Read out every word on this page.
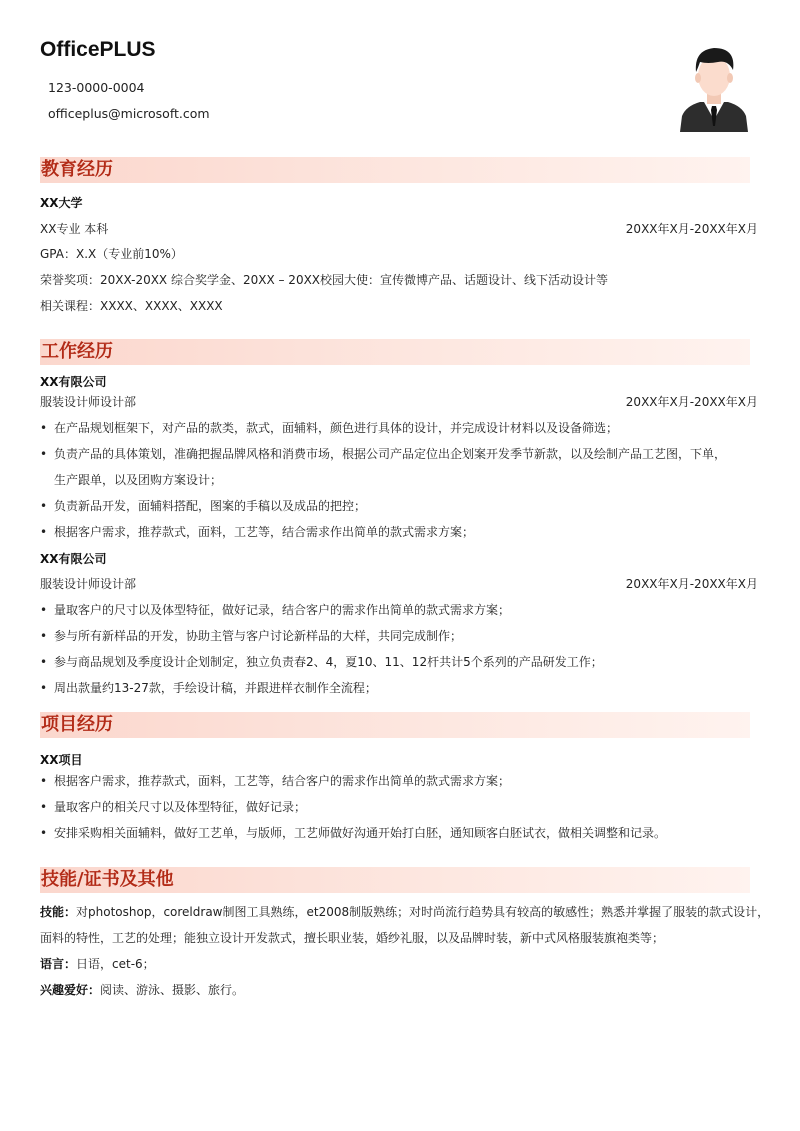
OfficePLUS
123-0000-0004
officeplus@microsoft.com
教育经历
XX大学
XX专业 本科	20XX年X月-20XX年X月
GPA：X.X（专业前10%）
荣誉奖项：20XX-20XX 综合奖学金、20XX – 20XX校园大使：宣传微博产品、话题设计、线下活动设计等
相关课程：XXXX、XXXX、XXXX
工作经历
XX有限公司
服装设计师设计部	20XX年X月-20XX年X月
• 在产品规划框架下，对产品的款类，款式，面辅料，颜色进行具体的设计，并完成设计材料以及设备筛选；
• 负责产品的具体策划，准确把握品牌风格和消费市场，根据公司产品定位出企划案开发季节新款，以及绘制产品工艺图，下单，
生产跟单，以及团购方案设计；
• 负责新品开发，面辅料搭配，图案的手稿以及成品的把控；
• 根据客户需求，推荐款式，面料，工艺等，结合需求作出简单的款式需求方案；
XX有限公司
服装设计师设计部	20XX年X月-20XX年X月
• 量取客户的尺寸以及体型特征，做好记录，结合客户的需求作出简单的款式需求方案；
• 参与所有新样品的开发，协助主管与客户讨论新样品的大样，共同完成制作；
• 参与商品规划及季度设计企划制定，独立负责春2、4，夏10、11、12杆共计5个系列的产品研发工作；
• 周出款量约13-27款，手绘设计稿，并跟进样衣制作全流程；
项目经历
XX项目
• 根据客户需求，推荐款式，面料，工艺等，结合客户的需求作出简单的款式需求方案；
• 量取客户的相关尺寸以及体型特征，做好记录；
• 安排采购相关面辅料，做好工艺单，与版师，工艺师做好沟通开始打白胚，通知顾客白胚试衣，做相关调整和记录。
技能/证书及其他
技能：对photoshop，coreldraw制图工具熟练，et2008制版熟练；对时尚流行趋势具有较高的敏感性；熟悉并掌握了服装的款式设计，
面料的特性，工艺的处理；能独立设计开发款式，擅长职业装，婚纱礼服，以及品牌时装，新中式风格服装旗袍类等；
语言：日语，cet-6；
兴趣爱好：阅读、游泳、摄影、旅行。
